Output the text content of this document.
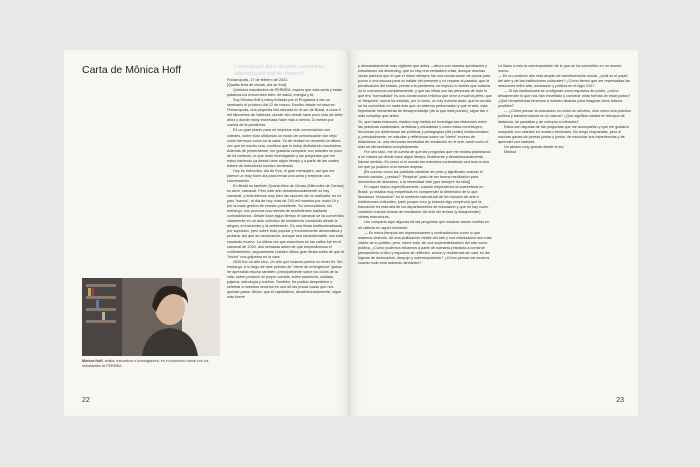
Carta de Mônica Hoff	Lorem ipsum dolor sit amet consectetur adipiscing elit sed do eiusmod

Florianópolis, 17 de febrero de 2021.

[Quarta-feira de cinzas, día de Eva]

Queridos estudiantes de PERMEA, espero que esta carta y estas palabras los encuentren bien: de salud, energía y fe.

Soy Mônica Hoff y estoy invitada por el Programa a dar un seminario el próximo día 12 de marzo. Escribo desde mi casa en Florianópolis, una pequeña isla ubicada en el sur de Brasil, a unos 9 mil kilómetros de Valencia, donde vivo desde hace poco más de siete años y donde estoy encerrada hace más o menos 11 meses por cuenta de la pandemia.

Es un gran placer para mí empezar este conversación con ustedes, sobre todo utilizando un modo de comunicación tan viejo como hermoso como es la carta. Ya de verdad no recuerdo la última vez que he escrito una, confieso que lo estoy disfrutando muchísimo. Además de presentarme, me gustaría compartir con ustedes un poco de mi contexto, lo que ando investigando y las preguntas que me estoy haciendo ya desde hace algún tiempo y a partir de las cuales trataré de estructurar nuestro seminario.

Hoy es miércoles, día de Eva, el gran mensajero, así que me parece un muy buen día para enviar una carta y empezar una conversación.

En Brasil es también Quarta-feira de Cinzas (Miércoles de Ceniza), es decir, carnaval. Pero este año desafortunadamente no hay carnaval, y entendemos muy bien las razones de no realizarlo: en mi país "somos", al día de hoy, más de 240 mil muertos por covid-19 y por la mala gestión de nuestro presidente. Su convocatoria, sin embargo, nos provoca una mezcla de sentimientos bastante contradictorios. Desde hace algún tiempo el carnaval se ha convertido claramente en un acto colectivo de resistencia construido desde la alegría, el encuentro y la celebración. Es una fiesta institucionalizada, por supuesto, pero sobre todo popular y enormemente democrática y profana. Así que su cancelación, aunque sea incuestionable, nos está costando mucho. La última vez que estuvimos en las calles fue en el carnaval de 2020, dos semanas antes de que empezáramos el confinamiento, seguramente nuestro último gran fiesta antes de que el "futuro" nos golpeara en la cara.

2020 fue un año raro. Un año que todavía parece no tener fin. Sin embargo, a lo largo de este periodo de "cierre de emergencia" global he aprendido mucho también, principalmente sobre los ciclos de la vida, sobre producir mi propio comida, sobre paciencia, cuidado, pájaros, astrología y sueños. También, he podido despedirme y celebrar a nuestros muertos en una de las pocas cosas que nos quedan pasar. Ahora, que el capitalismo, desafortunadamente, sigue más fuerte

Mônica Hoff, artista, educadora e investigadora, en el encuentro virtual con los estudiantes de PERMEA.
22

y descaradamente más vigilante que antes —ahora con nuestra aprobación y entusiasmo vía streaming; que no hay una verdadera crisis, aunque muchas veces parezca que el que el futuro siempre fue una construcción de pocos para pocos o una excusa para no hablar del presente y no reparar el pasado; que la privatización del estado, previa a la pandemia, se exploró a niveles que todavía no lo conocemos completamente, y que las niñas son las personas de todo lo que era "normalidad" es una construcción retórica que sirve a muchos jefes; que el "después" nunca ha existido, por lo tanto, no hay marcha atrás; que la verdad se ha convertido en nada más que un sistema performativo y que el arte, está importante herramienta de desaprendizaje (de lo que está puesto), sigue tan o más complejo que antes.

Yo, que hasta entonces, estaba muy metida en investigar las relaciones entre las prácticas curatoriales, artísticas y educativas y cómo estas contribuyen, friccionan y/o determinan las políticas y pedagogías (del poder) institucionales; y, principalmente, en estudiar y reflexionar sobre un "cierre" exceso de didactismo vs. una renovada necesidad de mediación en el arte, sentí como el todo se derrumbaba completamente.

Por otro lado, me di cuenta de que las preguntas que me estaba planteando a mí misma ya desde hace algún tiempo, finalmente y desafortunadamente, hacían sentido. Es como si el mundo las estuviera contestando una tras la otra sin que yo pudiera ni al menos respirar.

[Es curioso como las palabras cambian de peso y significado cuando el mundo cambia. ¿verdad? "Respirar" pasó de ser buena meditación para momentos de descanso, a la necesidad vital (que siempre ha sido)]

En aquel marco específicamente, cuando empezamos la cuarentena en Brasil, yo estaba muy empeñada en comprender la dimensión de lo que llamamos "educación" en el contexto estructural de los museos de arte e instituciones culturales, justo porque creo (y todavía sigo creyendo) que la educación es más allá de los departamentos de educación y que no hay como construir nuevas formas de mediación del arte sin revisar (y desaprender) ciertas estructuras.

Les comparto aquí algunas de las preguntas que estaban dando vueltas en mi cabeza en aquel momento:

— En estos tiempos tan impresionantes y contradictorios como lo que estamos viviendo, de una politización visible del arte y una estetización aún más visible de lo político, pero, sobre todo, de una superestetización del arte como política, ¿Cómo podemos situarnos a partir de nuestras prácticas a construir pensamiento crítico y espacios de reflexión, acción y resistencia sin caer en las lógicas de dominación, despojo y sobreexposición? ¿Cómo pensar los museos cuando todo está ardiendo alrededor?

Le llamo a esto la sobrexposición de lo que se ha convertido en un mundo nuevo.

— En un contexto aún más amplio de transformación social, ¿cuál es el papel del arte y de las instituciones culturales? ¿Cómo tienen que ser repensadas las relaciones entre arte, educación y política en el siglo XXI?

— Si las instituciones se configuran como espacios de poder, ¿cómo desaprender lo que nos han enseñado y construir otras formas de estar juntos? ¿Qué herramientas tenemos a nuestro alcance para imaginar otros futuros posibles?

— ¿Cómo pensar la educación no como un servicio, sino como una práctica política y transformadora en sí misma? ¿Qué significa mediar en tiempos de distancia, de pantallas y de cuerpos confinados?

Estas son algunas de las preguntas que me acompañan y que me gustaría compartir con ustedes en nuestro seminario. No tengo respuestas, pero sí muchas ganas de pensar juntas y juntos, de escuchar sus experiencias y de aprender con ustedes.

Un abrazo muy grande desde el sur,

Mônica

23
